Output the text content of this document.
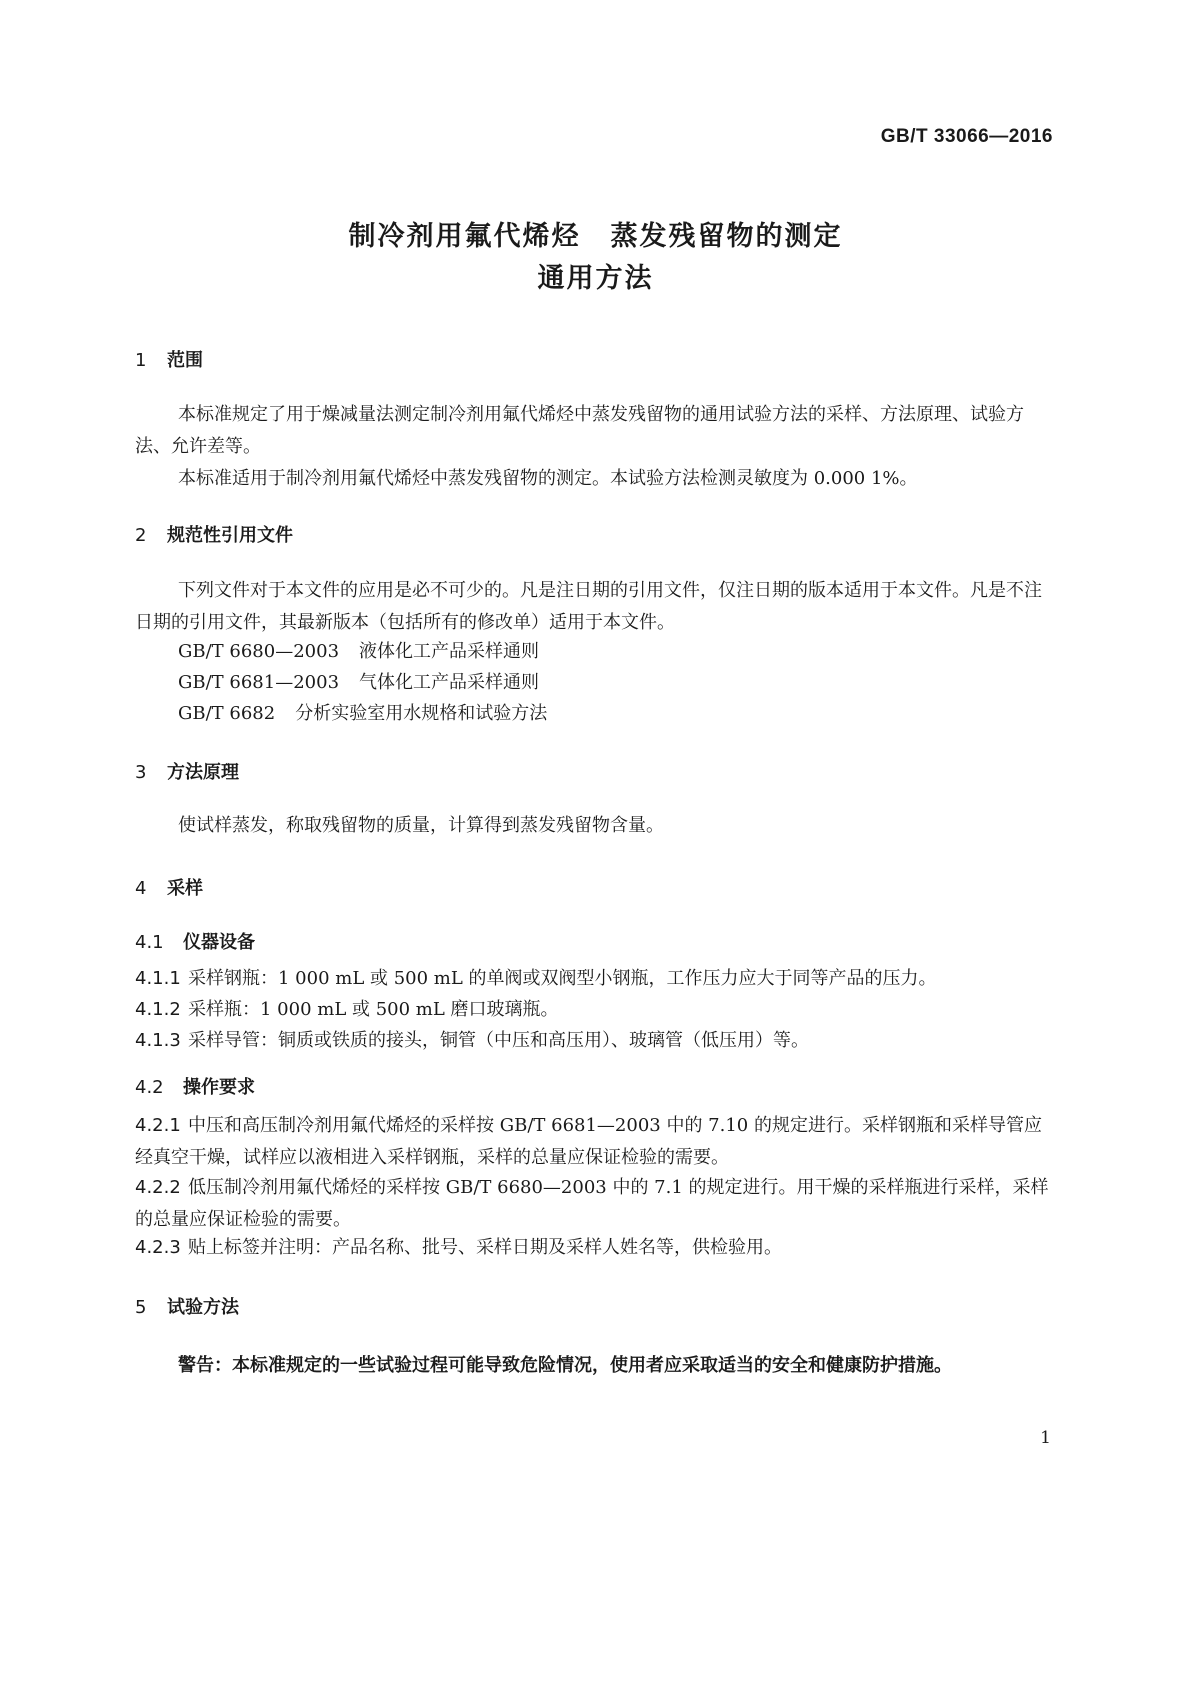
GB/T 33066—2016
制冷剂用氟代烯烃 蒸发残留物的测定
通用方法
1 范围
本标准规定了用于燥减量法测定制冷剂用氟代烯烃中蒸发残留物的通用试验方法的采样、方法原理、试验方法、允许差等。
本标准适用于制冷剂用氟代烯烃中蒸发残留物的测定。本试验方法检测灵敏度为 0.000 1%。
2 规范性引用文件
下列文件对于本文件的应用是必不可少的。凡是注日期的引用文件，仅注日期的版本适用于本文件。凡是不注日期的引用文件，其最新版本（包括所有的修改单）适用于本文件。
GB/T 6680—2003 液体化工产品采样通则
GB/T 6681—2003 气体化工产品采样通则
GB/T 6682 分析实验室用水规格和试验方法
3 方法原理
使试样蒸发，称取残留物的质量，计算得到蒸发残留物含量。
4 采样
4.1 仪器设备
4.1.1 采样钢瓶：1 000 mL 或 500 mL 的单阀或双阀型小钢瓶，工作压力应大于同等产品的压力。
4.1.2 采样瓶：1 000 mL 或 500 mL 磨口玻璃瓶。
4.1.3 采样导管：铜质或铁质的接头，铜管（中压和高压用）、玻璃管（低压用）等。
4.2 操作要求
4.2.1 中压和高压制冷剂用氟代烯烃的采样按 GB/T 6681—2003 中的 7.10 的规定进行。采样钢瓶和采样导管应经真空干燥，试样应以液相进入采样钢瓶，采样的总量应保证检验的需要。
4.2.2 低压制冷剂用氟代烯烃的采样按 GB/T 6680—2003 中的 7.1 的规定进行。用干燥的采样瓶进行采样，采样的总量应保证检验的需要。
4.2.3 贴上标签并注明：产品名称、批号、采样日期及采样人姓名等，供检验用。
5 试验方法
警告：本标准规定的一些试验过程可能导致危险情况，使用者应采取适当的安全和健康防护措施。
1
